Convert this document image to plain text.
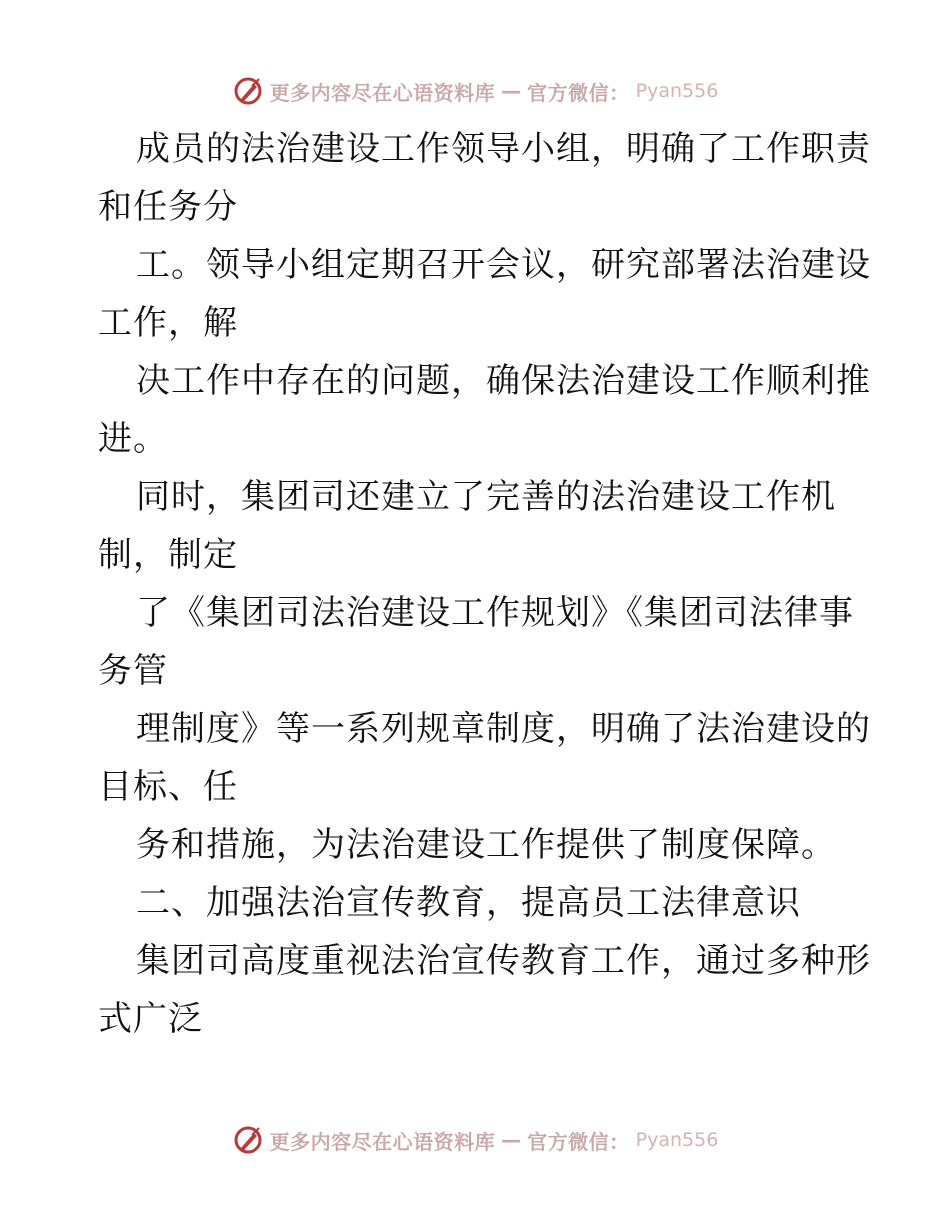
更多内容尽在心语资料库 — 官方微信： Pyan556
成员的法治建设工作领导小组，明确了工作职责
和任务分
工。领导小组定期召开会议，研究部署法治建设
工作，解
决工作中存在的问题，确保法治建设工作顺利推
进。
同时，集团司还建立了完善的法治建设工作机
制，制定
了《集团司法治建设工作规划》《集团司法律事
务管
理制度》等一系列规章制度，明确了法治建设的
目标、任
务和措施，为法治建设工作提供了制度保障。
二、加强法治宣传教育，提高员工法律意识
集团司高度重视法治宣传教育工作，通过多种形
式广泛
更多内容尽在心语资料库 — 官方微信： Pyan556
